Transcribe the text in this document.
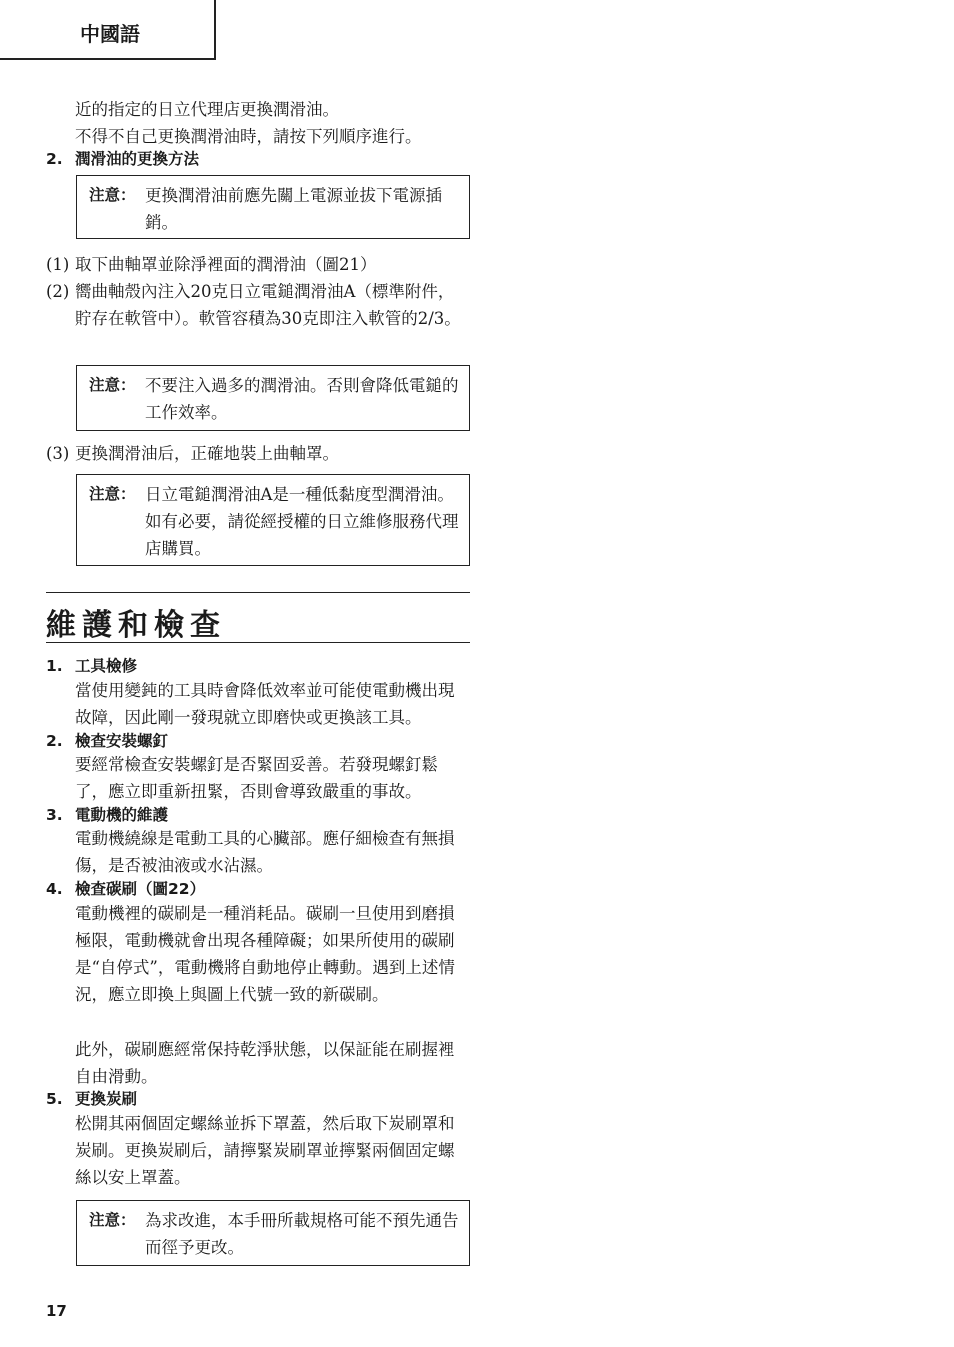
中國語

近的指定的日立代理店更換潤滑油。

不得不自己更換潤滑油時，請按下列順序進行。

2. 潤滑油的更換方法
注意： 更換潤滑油前應先關上電源並拔下電源插銷。
(1) 取下曲軸罩並除淨裡面的潤滑油（圖21）
(2) 嚮曲軸殼內注入20克日立電鎚潤滑油A（標準附件，貯存在軟管中）。軟管容積為30克即注入軟管的2/3。
注意： 不要注入過多的潤滑油。否則會降低電鎚的工作效率。
(3) 更換潤滑油后，正確地裝上曲軸罩。
注意： 日立電鎚潤滑油A是一種低黏度型潤滑油。如有必要，請從經授權的日立維修服務代理店購買。
維護和檢查
1. 工具檢修

當使用變鈍的工具時會降低效率並可能使電動機出現故障，因此剛一發現就立即磨快或更換該工具。

2. 檢查安裝螺釘

要經常檢查安裝螺釘是否緊固妥善。若發現螺釘鬆了，應立即重新扭緊，否則會導致嚴重的事故。

3. 電動機的維護

電動機繞線是電動工具的心臟部。應仔細檢查有無損傷，是否被油液或水沾濕。

4. 檢查碳刷（圖22）

電動機裡的碳刷是一種消耗品。碳刷一旦使用到磨損極限，電動機就會出現各種障礙；如果所使用的碳刷是“自停式”，電動機將自動地停止轉動。遇到上述情況，應立即換上與圖上代號一致的新碳刷。

此外，碳刷應經常保持乾淨狀態，以保証能在刷握裡自由滑動。

5. 更換炭刷

松開其兩個固定螺絲並拆下罩蓋，然后取下炭刷罩和炭刷。更換炭刷后，請擰緊炭刷罩並擰緊兩個固定螺絲以安上罩蓋。

注意： 為求改進，本手冊所載規格可能不預先通告而徑予更改。
17
